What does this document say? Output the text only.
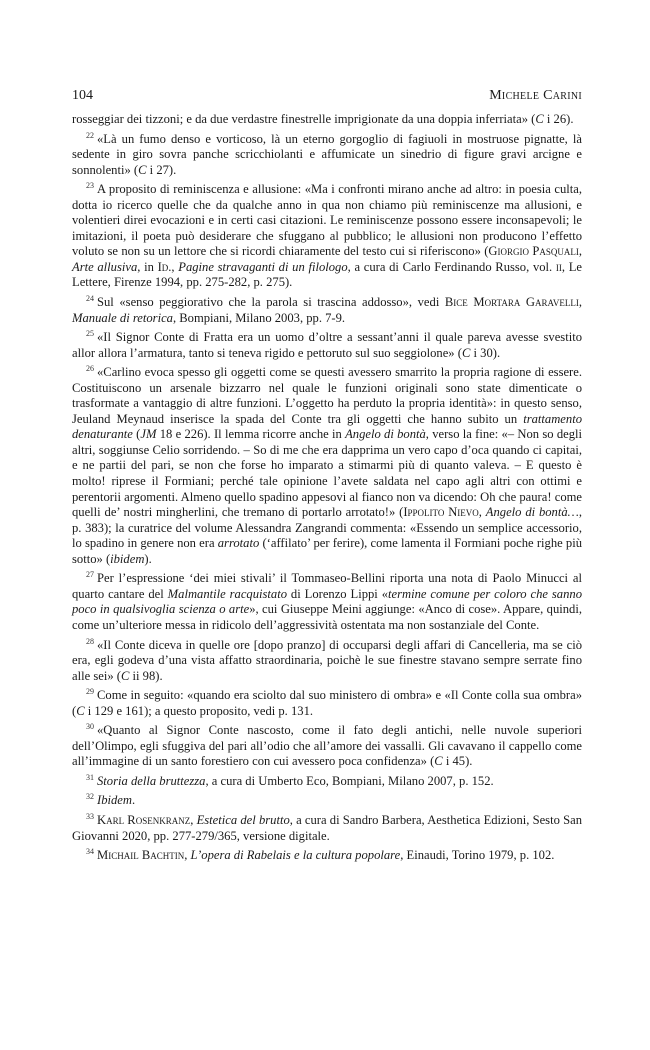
104	Michele Carini

rosseggiar dei tizzoni; e da due verdastre finestrelle imprigionate da una doppia inferriata» (C i 26).

$^{22}$ «Là un fumo denso e vorticoso, là un eterno gorgoglio di fagiuoli in mostruose pignatte, là sedente in giro sovra panche scricchiolanti e affumicate un sinedrio di figure gravi arcigne e sonnolenti» (C i 27).

$^{23}$ A proposito di reminiscenza e allusione: «Ma i confronti mirano anche ad altro: in poesia culta, dotta io ricerco quelle che da qualche anno in qua non chiamo più reminiscenze ma allusioni, e volentieri direi evocazioni e in certi casi citazioni. Le reminiscenze possono essere inconsapevoli; le imitazioni, il poeta può desiderare che sfuggano al pubblico; le allusioni non producono l’effetto voluto se non su un lettore che si ricordi chiaramente del testo cui si riferiscono» (Giorgio Pasquali, Arte allusiva, in Id., Pagine stravaganti di un filologo, a cura di Carlo Ferdinando Russo, vol. ii, Le Lettere, Firenze 1994, pp. 275-282, p. 275).

$^{24}$ Sul «senso peggiorativo che la parola si trascina addosso», vedi Bice Mortara Garavelli, Manuale di retorica, Bompiani, Milano 2003, pp. 7-9.

$^{25}$ «Il Signor Conte di Fratta era un uomo d’oltre a sessant’anni il quale pareva avesse svestito allor allora l’armatura, tanto si teneva rigido e pettoruto sul suo seggiolone» (C i 30).

$^{26}$ «Carlino evoca spesso gli oggetti come se questi avessero smarrito la propria ragione di essere. Costituiscono un arsenale bizzarro nel quale le funzioni originali sono state dimenticate o trasformate a vantaggio di altre funzioni. L’oggetto ha perduto la propria identità»: in questo senso, Jeuland Meynaud inserisce la spada del Conte tra gli oggetti che hanno subito un trattamento denaturante (JM 18 e 226). Il lemma ricorre anche in Angelo di bontà, verso la fine: «– Non so degli altri, soggiunse Celio sorridendo. – So di me che era dapprima un vero capo d’oca quando ci capitai, e ne partii del pari, se non che forse ho imparato a stimarmi più di quanto valeva. – E questo è molto! riprese il Formiani; perché tale opinione l’avete saldata nel capo agli altri con ottimi e perentorii argomenti. Almeno quello spadino appesovi al fianco non va dicendo: Oh che paura! come quelli de’ nostri mingherlini, che tremano di portarlo arrotato!» (Ippolito Nievo, Angelo di bontà…, p. 383); la curatrice del volume Alessandra Zangrandi commenta: «Essendo un semplice accessorio, lo spadino in genere non era arrotato (‘affilato’ per ferire), come lamenta il Formiani poche righe più sotto» (ibidem).

$^{27}$ Per l’espressione ‘dei miei stivali’ il Tommaseo-Bellini riporta una nota di Paolo Minucci al quarto cantare del Malmantile racquistato di Lorenzo Lippi «termine comune per coloro che sanno poco in qualsivoglia scienza o arte», cui Giuseppe Meini aggiunge: «Anco di cose». Appare, quindi, come un’ulteriore messa in ridicolo dell’aggressività ostentata ma non sostanziale del Conte.

$^{28}$ «Il Conte diceva in quelle ore [dopo pranzo] di occuparsi degli affari di Cancelleria, ma se ciò era, egli godeva d’una vista affatto straordinaria, poichè le sue finestre stavano sempre serrate fino alle sei» (C ii 98).

$^{29}$ Come in seguito: «quando era sciolto dal suo ministero di ombra» e «Il Conte colla sua ombra» (C i 129 e 161); a questo proposito, vedi p. 131.

$^{30}$ «Quanto al Signor Conte nascosto, come il fato degli antichi, nelle nuvole superiori dell’Olimpo, egli sfuggiva del pari all’odio che all’amore dei vassalli. Gli cavavano il cappello come all’immagine di un santo forestiero con cui avessero poca confidenza» (C i 45).

$^{31}$ Storia della bruttezza, a cura di Umberto Eco, Bompiani, Milano 2007, p. 152.

$^{32}$ Ibidem.

$^{33}$ Karl Rosenkranz, Estetica del brutto, a cura di Sandro Barbera, Aesthetica Edizioni, Sesto San Giovanni 2020, pp. 277-279/365, versione digitale.

$^{34}$ Michail Bachtin, L’opera di Rabelais e la cultura popolare, Einaudi, Torino 1979, p. 102.
